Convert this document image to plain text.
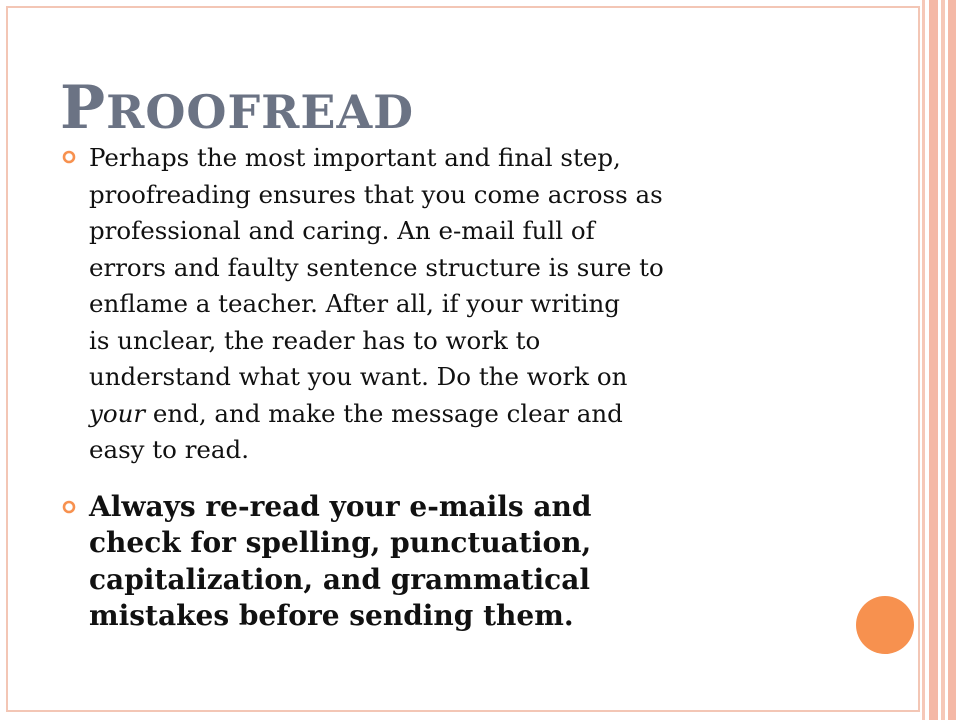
PROOFREAD
Perhaps the most important and final step,
proofreading ensures that you come across as
professional and caring. An e-mail full of
errors and faulty sentence structure is sure to
enflame a teacher. After all, if your writing
is unclear, the reader has to work to
understand what you want. Do the work on
your end, and make the message clear and
easy to read.
Always re-read your e-mails and
check for spelling, punctuation,
capitalization, and grammatical
mistakes before sending them.
